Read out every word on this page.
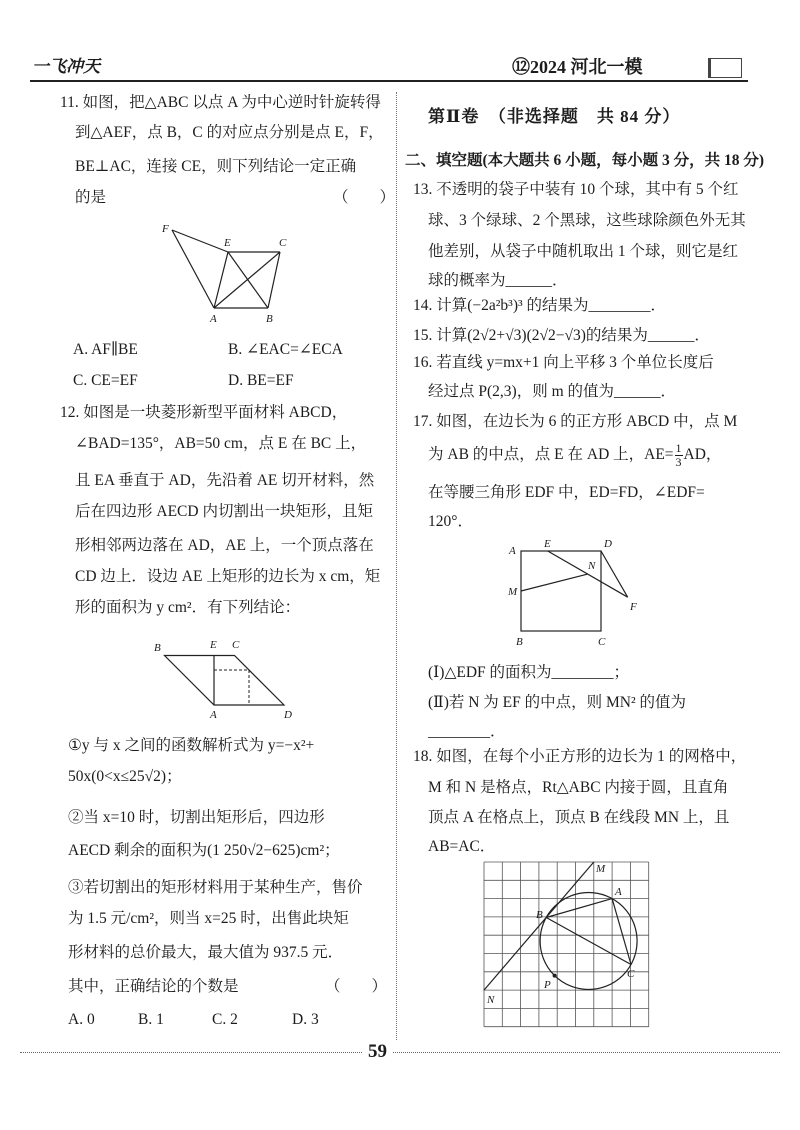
一飞冲天	⑫2024 河北一模
11. 如图，把△ABC 以点 A 为中心逆时针旋转得
到△AEF，点 B，C 的对应点分别是点 E，F，
BE⊥AC，连接 CE，则下列结论一定正确
的是	（　　）
F
E	C
A	B
A. AF∥BE	B. ∠EAC=∠ECA
C. CE=EF	D. BE=EF
12. 如图是一块菱形新型平面材料 ABCD，
∠BAD=135°，AB=50 cm，点 E 在 BC 上，
且 EA 垂直于 AD，先沿着 AE 切开材料，然
后在四边形 AECD 内切割出一块矩形，且矩
形相邻两边落在 AD，AE 上，一个顶点落在
CD 边上．设边 AE 上矩形的边长为 x cm，矩
形的面积为 y cm²．有下列结论：
B	E C
A	D
①y 与 x 之间的函数解析式为 y=−x²+
50x(0<x≤25√2)；
②当 x=10 时，切割出矩形后，四边形
AECD 剩余的面积为(1 250√2−625)cm²；
③若切割出的矩形材料用于某种生产，售价
为 1.5 元/cm²，则当 x=25 时，出售此块矩
形材料的总价最大，最大值为 937.5 元．
其中，正确结论的个数是	（　　）
A. 0	B. 1	C. 2	D. 3
第Ⅱ卷　（非选择题　共 84 分）
二、填空题(本大题共 6 小题，每小题 3 分，共 18 分)
13. 不透明的袋子中装有 10 个球，其中有 5 个红
球、3 个绿球、2 个黑球，这些球除颜色外无其
他差别，从袋子中随机取出 1 个球，则它是红
球的概率为______．
14. 计算(−2a²b³)³ 的结果为________．
15. 计算(2√2+√3)(2√2−√3)的结果为______．
16. 若直线 y=mx+1 向上平移 3 个单位长度后
经过点 P(2,3)，则 m 的值为______．
17. 如图，在边长为 6 的正方形 ABCD 中，点 M
为 AB 的中点，点 E 在 AD 上，$AE= \frac{1}{3}$ AD，
在等腰三角形 EDF 中，ED=FD，∠EDF=
120°．
A
E	D
N
M
F
B	C
(Ⅰ)△EDF 的面积为________；
(Ⅱ)若 N 为 EF 的中点，则 MN² 的值为
________．
18. 如图，在每个小正方形的边长为 1 的网格中，
M 和 N 是格点，Rt△ABC 内接于圆，且直角
顶点 A 在格点上，顶点 B 在线段 MN 上，且
AB=AC．
M
A
B
C
N
P
59
